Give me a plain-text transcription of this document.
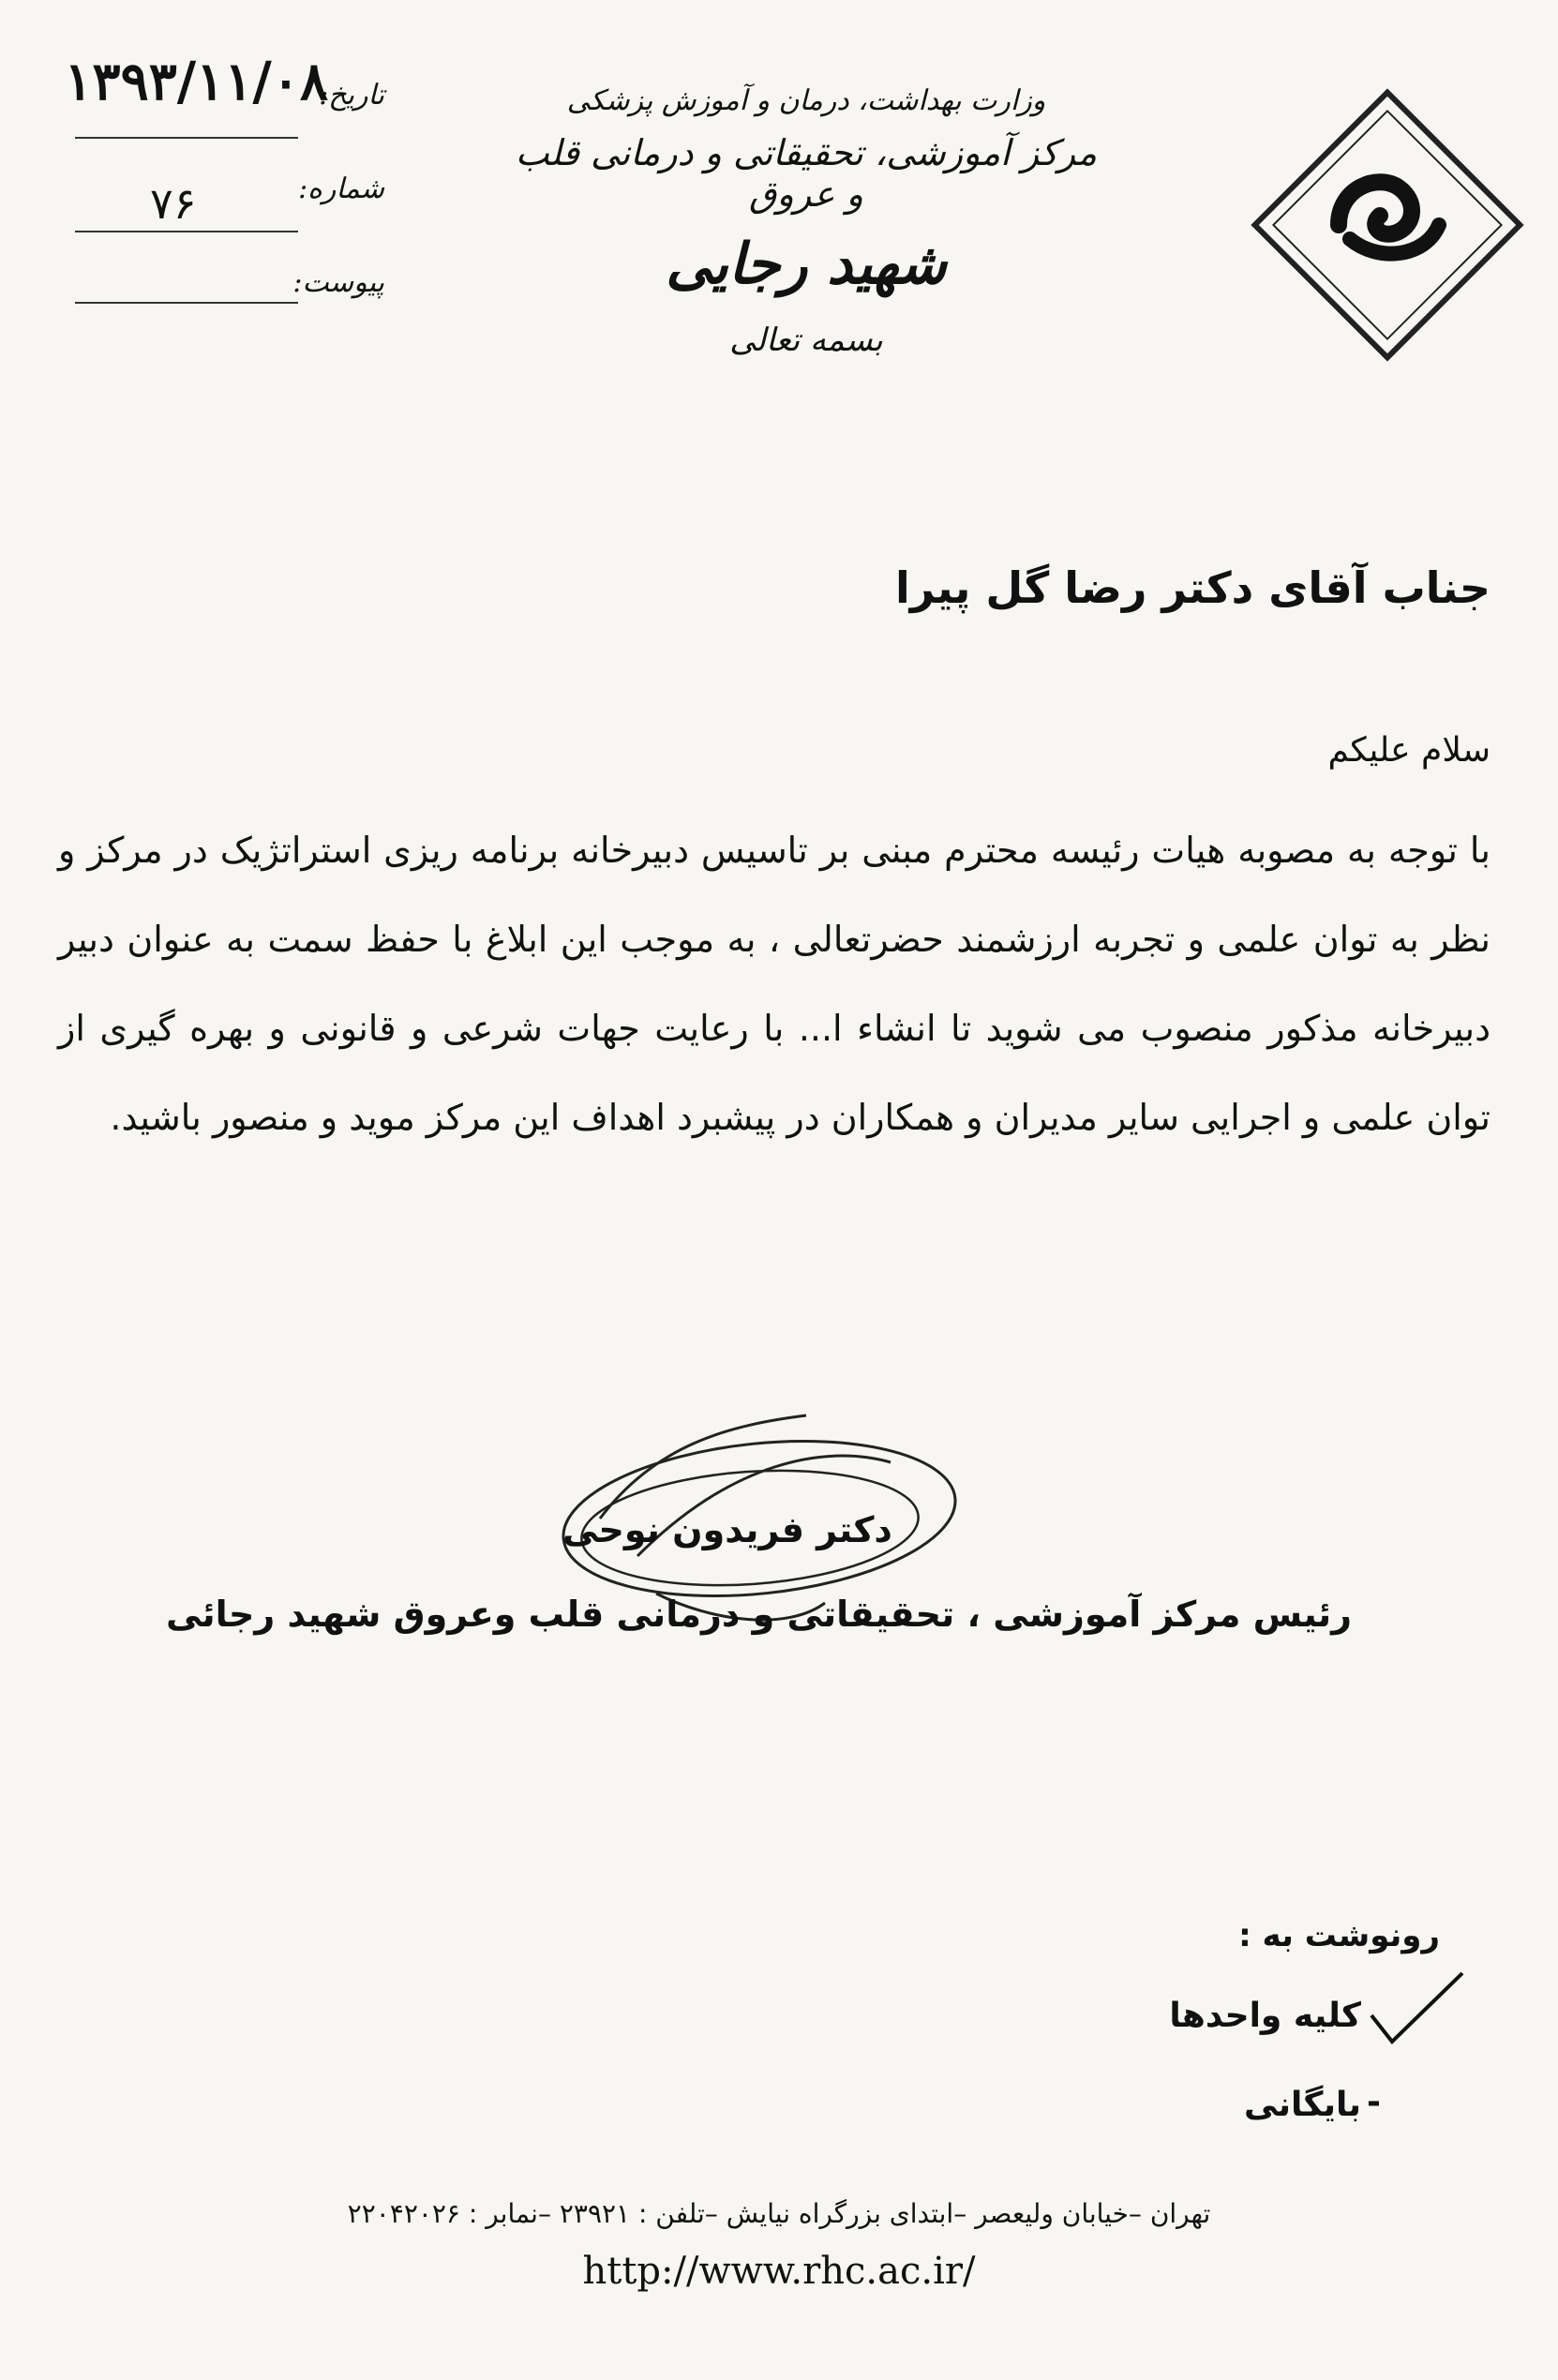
۱۳۹۳/۱۱/۰۸
تاریخ:
۷۶	شماره:
پیوست:
وزارت بهداشت، درمان و آموزش پزشکی
مرکز آموزشی، تحقیقاتی و درمانی قلب و عروق
شهید رجایی
بسمه تعالی
جناب آقای دکتر رضا گل پیرا
سلام علیکم
با توجه به مصوبه هیات رئیسه محترم مبنی بر تاسیس دبیرخانه برنامه ریزی استراتژیک در مرکز و نظر به توان علمی و تجربه ارزشمند حضرتعالی ، به موجب این ابلاغ با حفظ سمت به عنوان دبیر دبیرخانه مذکور منصوب می شوید تا انشاء ا... با رعایت جهات شرعی و قانونی و بهره گیری از توان علمی و اجرایی سایر مدیران و همکاران در پیشبرد اهداف این مرکز موید و منصور باشید.
دکتر فریدون نوحی
رئیس مرکز آموزشی ، تحقیقاتی و درمانی قلب وعروق شهید رجائی
رونوشت به :
کلیه واحدها
بایگانی -
تهران –خیابان ولیعصر –ابتدای بزرگراه نیایش –تلفن : ۲۳۹۲۱ –نمابر : ۲۲۰۴۲۰۲۶
http://www.rhc.ac.ir/
